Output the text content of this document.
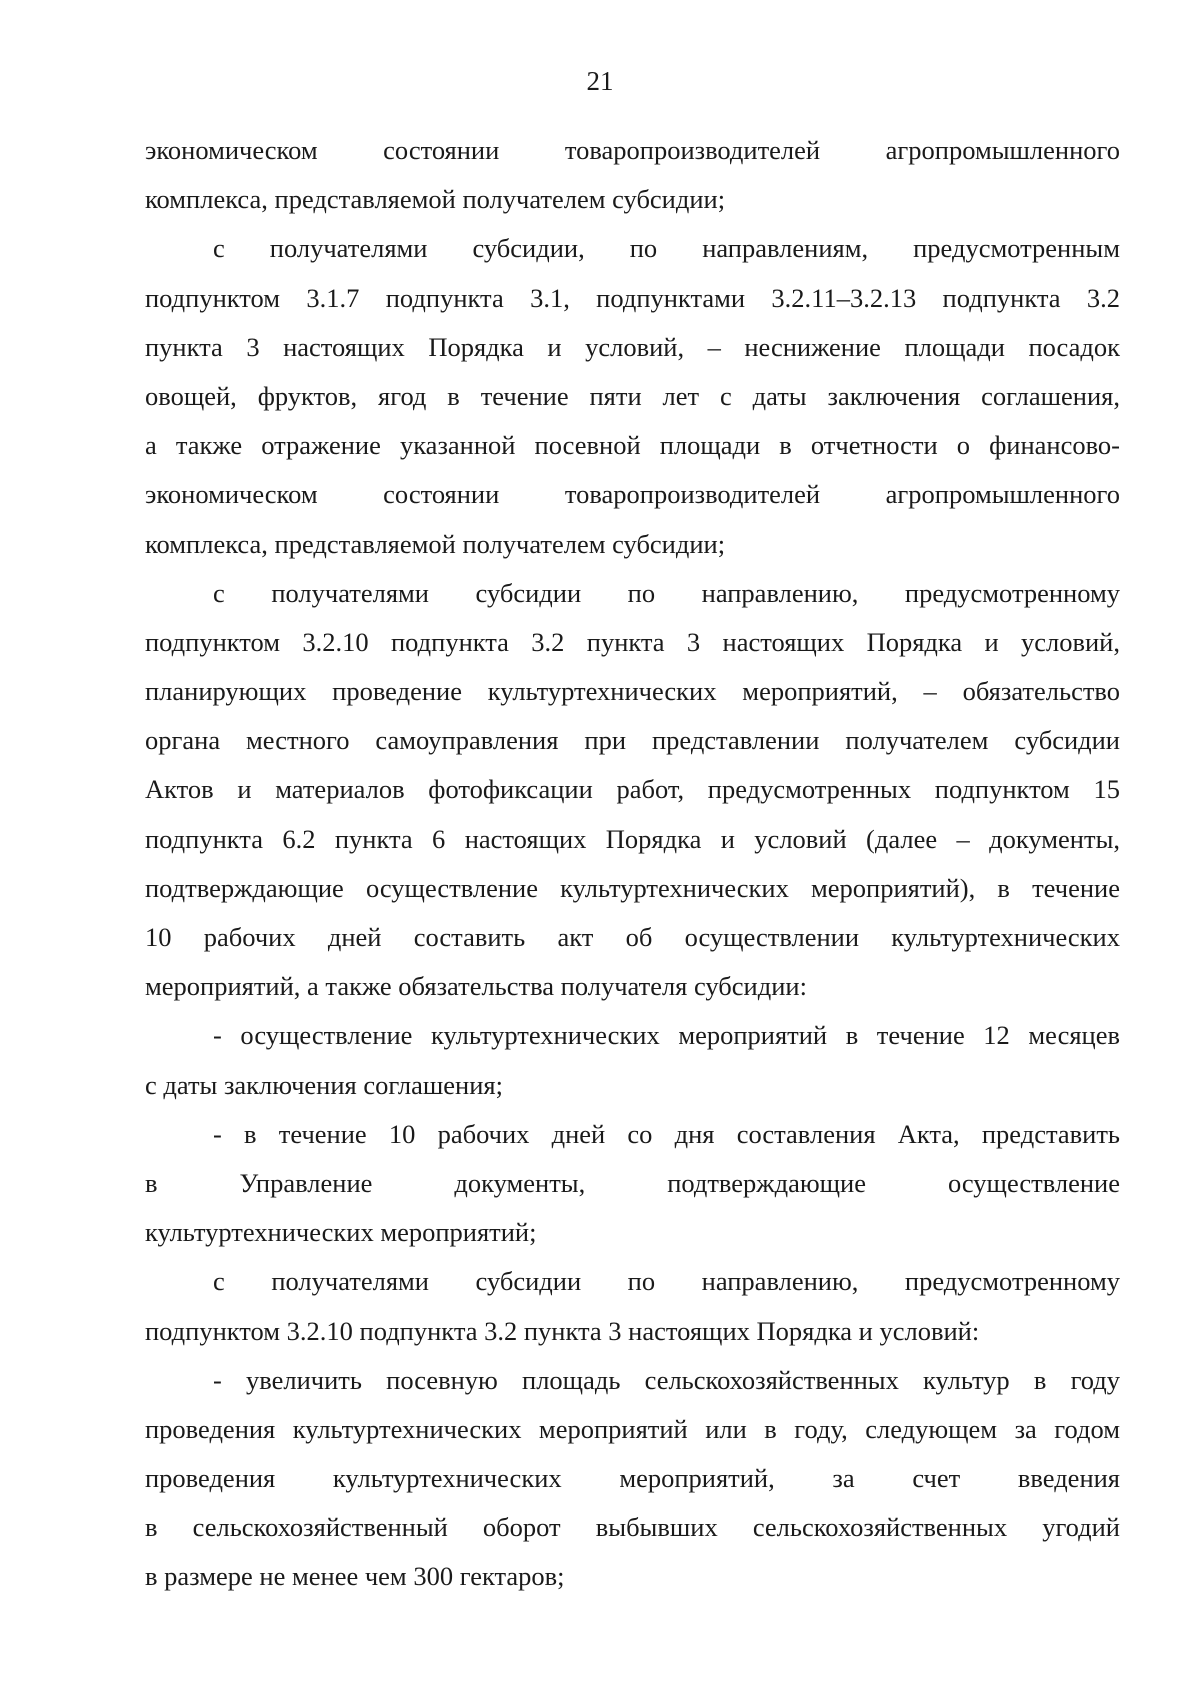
21
экономическом состоянии товаропроизводителей агропромышленного
комплекса, представляемой получателем субсидии;
с получателями субсидии, по направлениям, предусмотренным
подпунктом 3.1.7 подпункта 3.1, подпунктами 3.2.11–3.2.13 подпункта 3.2
пункта 3 настоящих Порядка и условий, – неснижение площади посадок
овощей, фруктов, ягод в течение пяти лет с даты заключения соглашения,
а также отражение указанной посевной площади в отчетности о финансово-
экономическом состоянии товаропроизводителей агропромышленного
комплекса, представляемой получателем субсидии;
с получателями субсидии по направлению, предусмотренному
подпунктом 3.2.10 подпункта 3.2 пункта 3 настоящих Порядка и условий,
планирующих проведение культуртехнических мероприятий, – обязательство
органа местного самоуправления при представлении получателем субсидии
Актов и материалов фотофиксации работ, предусмотренных подпунктом 15
подпункта 6.2 пункта 6 настоящих Порядка и условий (далее – документы,
подтверждающие осуществление культуртехнических мероприятий), в течение
10 рабочих дней составить акт об осуществлении культуртехнических
мероприятий, а также обязательства получателя субсидии:
- осуществление культуртехнических мероприятий в течение 12 месяцев
с даты заключения соглашения;
- в течение 10 рабочих дней со дня составления Акта, представить
в Управление документы, подтверждающие осуществление
культуртехнических мероприятий;
с получателями субсидии по направлению, предусмотренному
подпунктом 3.2.10 подпункта 3.2 пункта 3 настоящих Порядка и условий:
- увеличить посевную площадь сельскохозяйственных культур в году
проведения культуртехнических мероприятий или в году, следующем за годом
проведения культуртехнических мероприятий, за счет введения
в сельскохозяйственный оборот выбывших сельскохозяйственных угодий
в размере не менее чем 300 гектаров;
